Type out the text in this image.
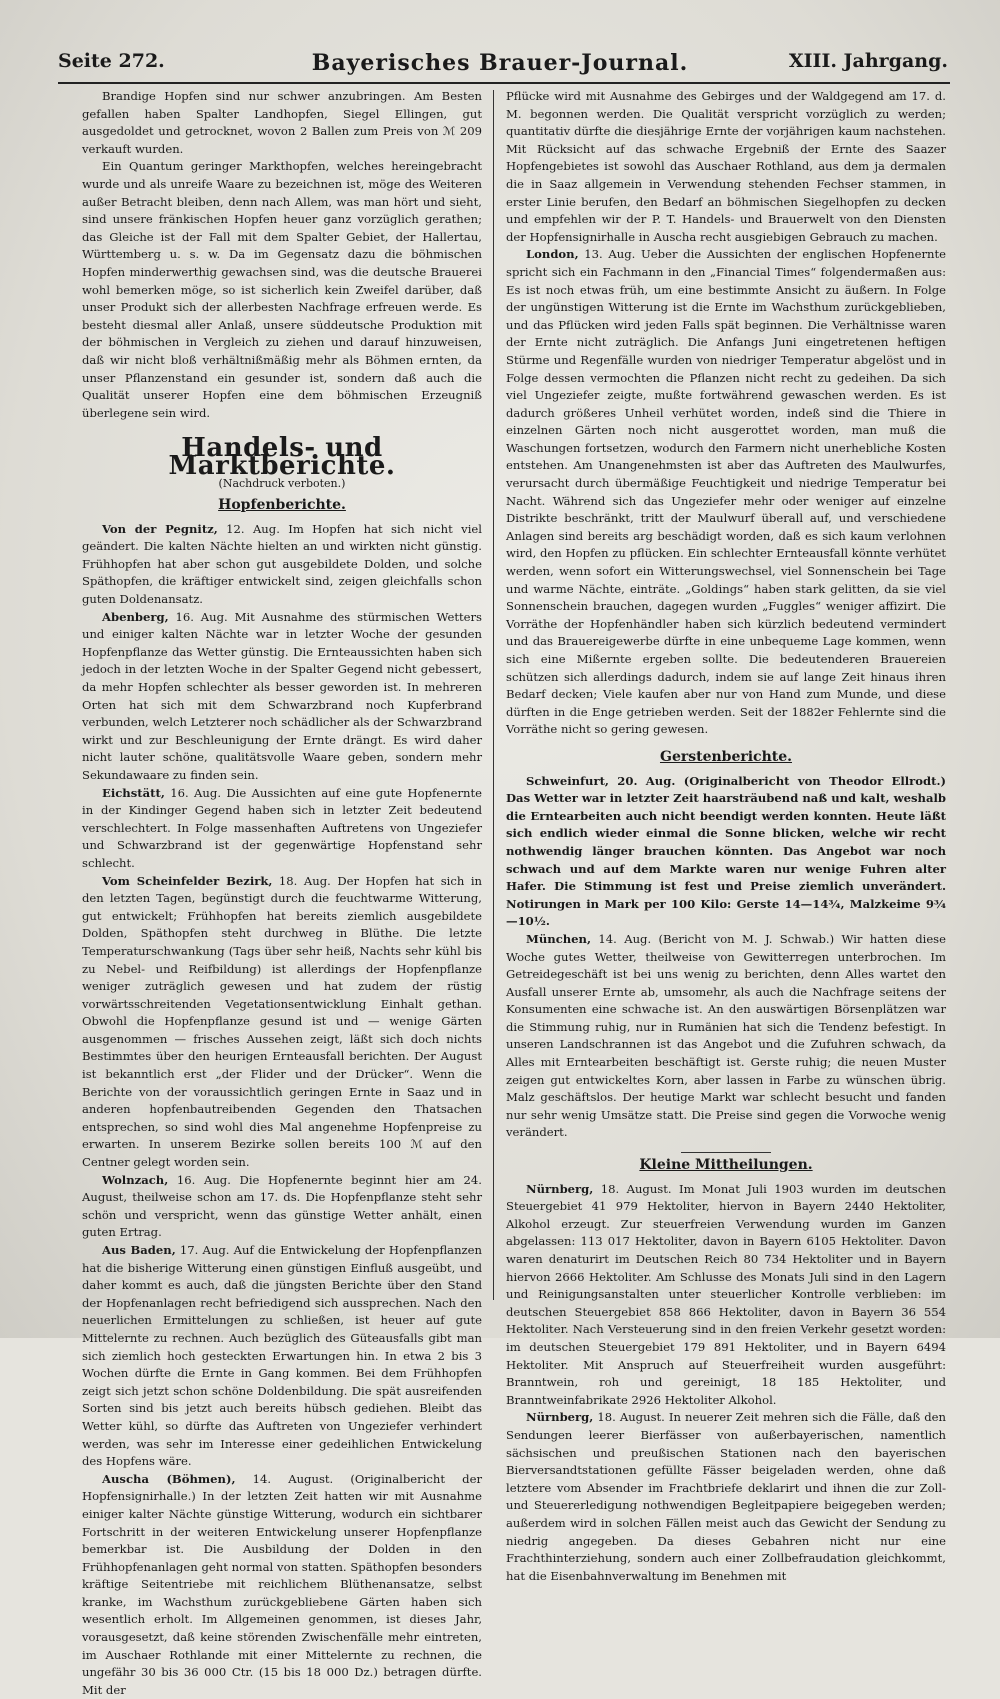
Seite 272.	Bayerisches Brauer-Journal.	XIII. Jahrgang.

Brandige Hopfen sind nur schwer anzubringen. Am Besten gefallen haben Spalter Landhopfen, Siegel Ellingen, gut ausgedoldet und getrocknet, wovon 2 Ballen zum Preis von ℳ 209 verkauft wurden.

Ein Quantum geringer Markthopfen, welches hereingebracht wurde und als unreife Waare zu bezeichnen ist, möge des Weiteren außer Betracht bleiben, denn nach Allem, was man hört und sieht, sind unsere fränkischen Hopfen heuer ganz vorzüglich gerathen; das Gleiche ist der Fall mit dem Spalter Gebiet, der Hallertau, Württemberg u. s. w. Da im Gegensatz dazu die böhmischen Hopfen minderwerthig gewachsen sind, was die deutsche Brauerei wohl bemerken möge, so ist sicherlich kein Zweifel darüber, daß unser Produkt sich der allerbesten Nachfrage erfreuen werde. Es besteht diesmal aller Anlaß, unsere süddeutsche Produktion mit der böhmischen in Vergleich zu ziehen und darauf hinzuweisen, daß wir nicht bloß verhältnißmäßig mehr als Böhmen ernten, da unser Pflanzenstand ein gesunder ist, sondern daß auch die Qualität unserer Hopfen eine dem böhmischen Erzeugniß überlegene sein wird.

Handels- und Marktberichte.
(Nachdruck verboten.)
Hopfenberichte.

Von der Pegnitz, 12. Aug. Im Hopfen hat sich nicht viel geändert. Die kalten Nächte hielten an und wirkten nicht günstig. Frühhopfen hat aber schon gut ausgebildete Dolden, und solche Späthopfen, die kräftiger entwickelt sind, zeigen gleichfalls schon guten Doldenansatz.

Abenberg, 16. Aug. Mit Ausnahme des stürmischen Wetters und einiger kalten Nächte war in letzter Woche der gesunden Hopfenpflanze das Wetter günstig. Die Ernteaussichten haben sich jedoch in der letzten Woche in der Spalter Gegend nicht gebessert, da mehr Hopfen schlechter als besser geworden ist. In mehreren Orten hat sich mit dem Schwarzbrand noch Kupferbrand verbunden, welch Letzterer noch schädlicher als der Schwarzbrand wirkt und zur Beschleunigung der Ernte drängt. Es wird daher nicht lauter schöne, qualitätsvolle Waare geben, sondern mehr Sekundawaare zu finden sein.

Eichstätt, 16. Aug. Die Aussichten auf eine gute Hopfenernte in der Kindinger Gegend haben sich in letzter Zeit bedeutend verschlechtert. In Folge massenhaften Auftretens von Ungeziefer und Schwarzbrand ist der gegenwärtige Hopfenstand sehr schlecht.

Vom Scheinfelder Bezirk, 18. Aug. Der Hopfen hat sich in den letzten Tagen, begünstigt durch die feuchtwarme Witterung, gut entwickelt; Frühhopfen hat bereits ziemlich ausgebildete Dolden, Späthopfen steht durchweg in Blüthe. Die letzte Temperaturschwankung (Tags über sehr heiß, Nachts sehr kühl bis zu Nebel- und Reifbildung) ist allerdings der Hopfenpflanze weniger zuträglich gewesen und hat zudem der rüstig vorwärtsschreitenden Vegetationsentwicklung Einhalt gethan. Obwohl die Hopfenpflanze gesund ist und — wenige Gärten ausgenommen — frisches Aussehen zeigt, läßt sich doch nichts Bestimmtes über den heurigen Ernteausfall berichten. Der August ist bekanntlich erst „der Flider und der Drücker“. Wenn die Berichte von der voraussichtlich geringen Ernte in Saaz und in anderen hopfenbautreibenden Gegenden den Thatsachen entsprechen, so sind wohl dies Mal angenehme Hopfenpreise zu erwarten. In unserem Bezirke sollen bereits 100 ℳ auf den Centner gelegt worden sein.

Wolnzach, 16. Aug. Die Hopfenernte beginnt hier am 24. August, theilweise schon am 17. ds. Die Hopfenpflanze steht sehr schön und verspricht, wenn das günstige Wetter anhält, einen guten Ertrag.

Aus Baden, 17. Aug. Auf die Entwickelung der Hopfenpflanzen hat die bisherige Witterung einen günstigen Einfluß ausgeübt, und daher kommt es auch, daß die jüngsten Berichte über den Stand der Hopfenanlagen recht befriedigend sich aussprechen. Nach den neuerlichen Ermittelungen zu schließen, ist heuer auf gute Mittelernte zu rechnen. Auch bezüglich des Güteausfalls gibt man sich ziemlich hoch gesteckten Erwartungen hin. In etwa 2 bis 3 Wochen dürfte die Ernte in Gang kommen. Bei dem Frühhopfen zeigt sich jetzt schon schöne Doldenbildung. Die spät ausreifenden Sorten sind bis jetzt auch bereits hübsch gediehen. Bleibt das Wetter kühl, so dürfte das Auftreten von Ungeziefer verhindert werden, was sehr im Interesse einer gedeihlichen Entwickelung des Hopfens wäre.

Auscha (Böhmen), 14. August. (Originalbericht der Hopfensignirhalle.) In der letzten Zeit hatten wir mit Ausnahme einiger kalter Nächte günstige Witterung, wodurch ein sichtbarer Fortschritt in der weiteren Entwickelung unserer Hopfenpflanze bemerkbar ist. Die Ausbildung der Dolden in den Frühhopfenanlagen geht normal von statten. Späthopfen besonders kräftige Seitentriebe mit reichlichem Blüthenansatze, selbst kranke, im Wachsthum zurückgebliebene Gärten haben sich wesentlich erholt. Im Allgemeinen genommen, ist dieses Jahr, vorausgesetzt, daß keine störenden Zwischenfälle mehr eintreten, im Auschaer Rothlande mit einer Mittelernte zu rechnen, die ungefähr 30 bis 36 000 Ctr. (15 bis 18 000 Dz.) betragen dürfte. Mit der

Pflücke wird mit Ausnahme des Gebirges und der Waldgegend am 17. d. M. begonnen werden. Die Qualität verspricht vorzüglich zu werden; quantitativ dürfte die diesjährige Ernte der vorjährigen kaum nachstehen. Mit Rücksicht auf das schwache Ergebniß der Ernte des Saazer Hopfengebietes ist sowohl das Auschaer Rothland, aus dem ja dermalen die in Saaz allgemein in Verwendung stehenden Fechser stammen, in erster Linie berufen, den Bedarf an böhmischen Siegelhopfen zu decken und empfehlen wir der P. T. Handels- und Brauerwelt von den Diensten der Hopfensignirhalle in Auscha recht ausgiebigen Gebrauch zu machen.

London, 13. Aug. Ueber die Aussichten der englischen Hopfenernte spricht sich ein Fachmann in den „Financial Times“ folgendermaßen aus: Es ist noch etwas früh, um eine bestimmte Ansicht zu äußern. In Folge der ungünstigen Witterung ist die Ernte im Wachsthum zurückgeblieben, und das Pflücken wird jeden Falls spät beginnen. Die Verhältnisse waren der Ernte nicht zuträglich. Die Anfangs Juni eingetretenen heftigen Stürme und Regenfälle wurden von niedriger Temperatur abgelöst und in Folge dessen vermochten die Pflanzen nicht recht zu gedeihen. Da sich viel Ungeziefer zeigte, mußte fortwährend gewaschen werden. Es ist dadurch größeres Unheil verhütet worden, indeß sind die Thiere in einzelnen Gärten noch nicht ausgerottet worden, man muß die Waschungen fortsetzen, wodurch den Farmern nicht unerhebliche Kosten entstehen. Am Unangenehmsten ist aber das Auftreten des Maulwurfes, verursacht durch übermäßige Feuchtigkeit und niedrige Temperatur bei Nacht. Während sich das Ungeziefer mehr oder weniger auf einzelne Distrikte beschränkt, tritt der Maulwurf überall auf, und verschiedene Anlagen sind bereits arg beschädigt worden, daß es sich kaum verlohnen wird, den Hopfen zu pflücken. Ein schlechter Ernteausfall könnte verhütet werden, wenn sofort ein Witterungswechsel, viel Sonnenschein bei Tage und warme Nächte, einträte. „Goldings“ haben stark gelitten, da sie viel Sonnenschein brauchen, dagegen wurden „Fuggles“ weniger affizirt. Die Vorräthe der Hopfenhändler haben sich kürzlich bedeutend vermindert und das Brauereigewerbe dürfte in eine unbequeme Lage kommen, wenn sich eine Mißernte ergeben sollte. Die bedeutenderen Brauereien schützen sich allerdings dadurch, indem sie auf lange Zeit hinaus ihren Bedarf decken; Viele kaufen aber nur von Hand zum Munde, und diese dürften in die Enge getrieben werden. Seit der 1882er Fehlernte sind die Vorräthe nicht so gering gewesen.

Gerstenberichte.

Schweinfurt, 20. Aug. (Originalbericht von Theodor Ellrodt.) Das Wetter war in letzter Zeit haarsträubend naß und kalt, weshalb die Erntearbeiten auch nicht beendigt werden konnten. Heute läßt sich endlich wieder einmal die Sonne blicken, welche wir recht nothwendig länger brauchen könnten. Das Angebot war noch schwach und auf dem Markte waren nur wenige Fuhren alter Hafer. Die Stimmung ist fest und Preise ziemlich unverändert. Notirungen in Mark per 100 Kilo: Gerste 14—14¾, Malzkeime 9¾—10½.

München, 14. Aug. (Bericht von M. J. Schwab.) Wir hatten diese Woche gutes Wetter, theilweise von Gewitterregen unterbrochen. Im Getreidegeschäft ist bei uns wenig zu berichten, denn Alles wartet den Ausfall unserer Ernte ab, umsomehr, als auch die Nachfrage seitens der Konsumenten eine schwache ist. An den auswärtigen Börsenplätzen war die Stimmung ruhig, nur in Rumänien hat sich die Tendenz befestigt. In unseren Landschrannen ist das Angebot und die Zufuhren schwach, da Alles mit Erntearbeiten beschäftigt ist. Gerste ruhig; die neuen Muster zeigen gut entwickeltes Korn, aber lassen in Farbe zu wünschen übrig. Malz geschäftslos. Der heutige Markt war schlecht besucht und fanden nur sehr wenig Umsätze statt. Die Preise sind gegen die Vorwoche wenig verändert.

Kleine Mittheilungen.

Nürnberg, 18. August. Im Monat Juli 1903 wurden im deutschen Steuergebiet 41 979 Hektoliter, hiervon in Bayern 2440 Hektoliter, Alkohol erzeugt. Zur steuerfreien Verwendung wurden im Ganzen abgelassen: 113 017 Hektoliter, davon in Bayern 6105 Hektoliter. Davon waren denaturirt im Deutschen Reich 80 734 Hektoliter und in Bayern hiervon 2666 Hektoliter. Am Schlusse des Monats Juli sind in den Lagern und Reinigungsanstalten unter steuerlicher Kontrolle verblieben: im deutschen Steuergebiet 858 866 Hektoliter, davon in Bayern 36 554 Hektoliter. Nach Versteuerung sind in den freien Verkehr gesetzt worden: im deutschen Steuergebiet 179 891 Hektoliter, und in Bayern 6494 Hektoliter. Mit Anspruch auf Steuerfreiheit wurden ausgeführt: Branntwein, roh und gereinigt, 18 185 Hektoliter, und Branntweinfabrikate 2926 Hektoliter Alkohol.

Nürnberg, 18. August. In neuerer Zeit mehren sich die Fälle, daß den Sendungen leerer Bierfässer von außerbayerischen, namentlich sächsischen und preußischen Stationen nach den bayerischen Bierversandtstationen gefüllte Fässer beigeladen werden, ohne daß letztere vom Absender im Frachtbriefe deklarirt und ihnen die zur Zoll- und Steuererledigung nothwendigen Begleitpapiere beigegeben werden; außerdem wird in solchen Fällen meist auch das Gewicht der Sendung zu niedrig angegeben. Da dieses Gebahren nicht nur eine Frachthinterziehung, sondern auch einer Zollbefraudation gleichkommt, hat die Eisenbahnverwaltung im Benehmen mit
